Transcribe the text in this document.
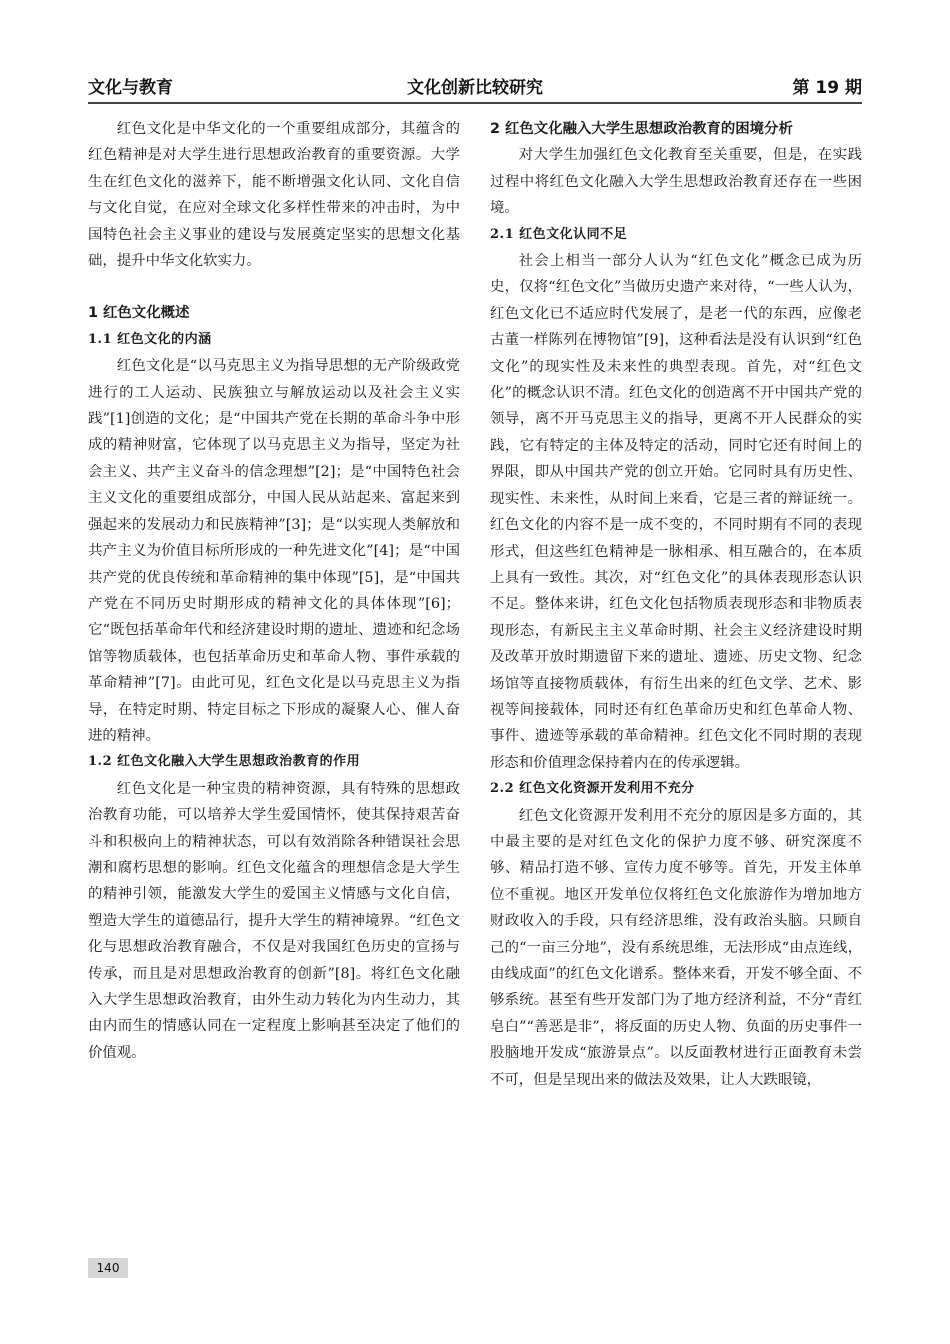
文化创新比较研究
文化与教育	第 19 期

红色文化是中华文化的一个重要组成部分，其蕴含的红色精神是对大学生进行思想政治教育的重要资源。大学生在红色文化的滋养下，能不断增强文化认同、文化自信与文化自觉，在应对全球文化多样性带来的冲击时，为中国特色社会主义事业的建设与发展奠定坚实的思想文化基础，提升中华文化软实力。

1 红色文化概述
1.1 红色文化的内涵

红色文化是“以马克思主义为指导思想的无产阶级政党进行的工人运动、民族独立与解放运动以及社会主义实践”[1]创造的文化；是“中国共产党在长期的革命斗争中形成的精神财富，它体现了以马克思主义为指导，坚定为社会主义、共产主义奋斗的信念理想”[2]；是“中国特色社会主义文化的重要组成部分，中国人民从站起来、富起来到强起来的发展动力和民族精神”[3]；是“以实现人类解放和共产主义为价值目标所形成的一种先进文化”[4]；是“中国共产党的优良传统和革命精神的集中体现”[5]，是“中国共产党在不同历史时期形成的精神文化的具体体现”[6]；它“既包括革命年代和经济建设时期的遗址、遗迹和纪念场馆等物质载体，也包括革命历史和革命人物、事件承载的革命精神”[7]。由此可见，红色文化是以马克思主义为指导，在特定时期、特定目标之下形成的凝聚人心、催人奋进的精神。

1.2 红色文化融入大学生思想政治教育的作用

红色文化是一种宝贵的精神资源，具有特殊的思想政治教育功能，可以培养大学生爱国情怀，使其保持艰苦奋斗和积极向上的精神状态，可以有效消除各种错误社会思潮和腐朽思想的影响。红色文化蕴含的理想信念是大学生的精神引领，能激发大学生的爱国主义情感与文化自信，塑造大学生的道德品行，提升大学生的精神境界。“红色文化与思想政治教育融合，不仅是对我国红色历史的宣扬与传承，而且是对思想政治教育的创新”[8]。将红色文化融入大学生思想政治教育，由外生动力转化为内生动力，其由内而生的情感认同在一定程度上影响甚至决定了他们的价值观。

2 红色文化融入大学生思想政治教育的困境分析

对大学生加强红色文化教育至关重要，但是，在实践过程中将红色文化融入大学生思想政治教育还存在一些困境。

2.1 红色文化认同不足

社会上相当一部分人认为“红色文化”概念已成为历史，仅将“红色文化”当做历史遗产来对待，“一些人认为，红色文化已不适应时代发展了，是老一代的东西，应像老古董一样陈列在博物馆”[9]，这种看法是没有认识到“红色文化”的现实性及未来性的典型表现。首先，对“红色文化”的概念认识不清。红色文化的创造离不开中国共产党的领导，离不开马克思主义的指导，更离不开人民群众的实践，它有特定的主体及特定的活动，同时它还有时间上的界限，即从中国共产党的创立开始。它同时具有历史性、现实性、未来性，从时间上来看，它是三者的辩证统一。红色文化的内容不是一成不变的，不同时期有不同的表现形式，但这些红色精神是一脉相承、相互融合的，在本质上具有一致性。其次，对“红色文化”的具体表现形态认识不足。整体来讲，红色文化包括物质表现形态和非物质表现形态，有新民主主义革命时期、社会主义经济建设时期及改革开放时期遗留下来的遗址、遗迹、历史文物、纪念场馆等直接物质载体，有衍生出来的红色文学、艺术、影视等间接载体，同时还有红色革命历史和红色革命人物、事件、遗迹等承载的革命精神。红色文化不同时期的表现形态和价值理念保持着内在的传承逻辑。

2.2 红色文化资源开发利用不充分

红色文化资源开发利用不充分的原因是多方面的，其中最主要的是对红色文化的保护力度不够、研究深度不够、精品打造不够、宣传力度不够等。首先，开发主体单位不重视。地区开发单位仅将红色文化旅游作为增加地方财政收入的手段，只有经济思维，没有政治头脑。只顾自己的“一亩三分地”，没有系统思维，无法形成“由点连线，由线成面”的红色文化谱系。整体来看，开发不够全面、不够系统。甚至有些开发部门为了地方经济利益，不分“青红皂白”“善恶是非”，将反面的历史人物、负面的历史事件一股脑地开发成“旅游景点”。以反面教材进行正面教育未尝不可，但是呈现出来的做法及效果，让人大跌眼镜，

140
